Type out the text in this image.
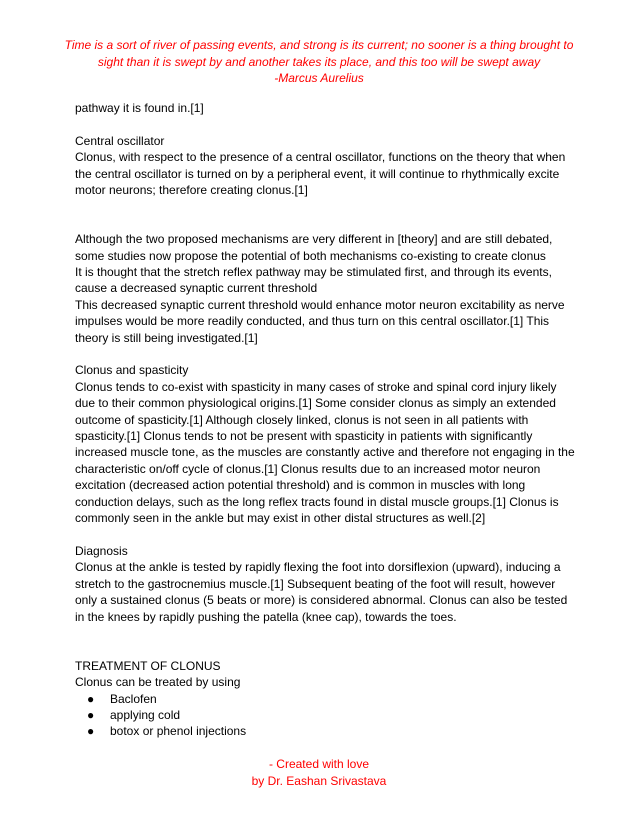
Time is a sort of river of passing events, and strong is its current; no sooner is a thing brought to
sight than it is swept by and another takes its place, and this too will be swept away
-Marcus Aurelius

pathway it is found in.[1]

Central oscillator

Clonus, with respect to the presence of a central oscillator, functions on the theory that when the central oscillator is turned on by a peripheral event, it will continue to rhythmically excite motor neurons; therefore creating clonus.[1]

Although the two proposed mechanisms are very different in [theory] and are still debated, some studies now propose the potential of both mechanisms co-existing to create clonus

It is thought that the stretch reflex pathway may be stimulated first, and through its events, cause a decreased synaptic current threshold

This decreased synaptic current threshold would enhance motor neuron excitability as nerve impulses would be more readily conducted, and thus turn on this central oscillator.[1] This theory is still being investigated.[1]

Clonus and spasticity

Clonus tends to co-exist with spasticity in many cases of stroke and spinal cord injury likely due to their common physiological origins.[1] Some consider clonus as simply an extended outcome of spasticity.[1] Although closely linked, clonus is not seen in all patients with spasticity.[1] Clonus tends to not be present with spasticity in patients with significantly increased muscle tone, as the muscles are constantly active and therefore not engaging in the characteristic on/off cycle of clonus.[1] Clonus results due to an increased motor neuron excitation (decreased action potential threshold) and is common in muscles with long conduction delays, such as the long reflex tracts found in distal muscle groups.[1] Clonus is commonly seen in the ankle but may exist in other distal structures as well.[2]

Diagnosis

Clonus at the ankle is tested by rapidly flexing the foot into dorsiflexion (upward), inducing a stretch to the gastrocnemius muscle.[1] Subsequent beating of the foot will result, however only a sustained clonus (5 beats or more) is considered abnormal. Clonus can also be tested in the knees by rapidly pushing the patella (knee cap), towards the toes.

TREATMENT OF CLONUS

Clonus can be treated by using

● Baclofen
● applying cold
● botox or phenol injections
- Created with love
by Dr. Eashan Srivastava
